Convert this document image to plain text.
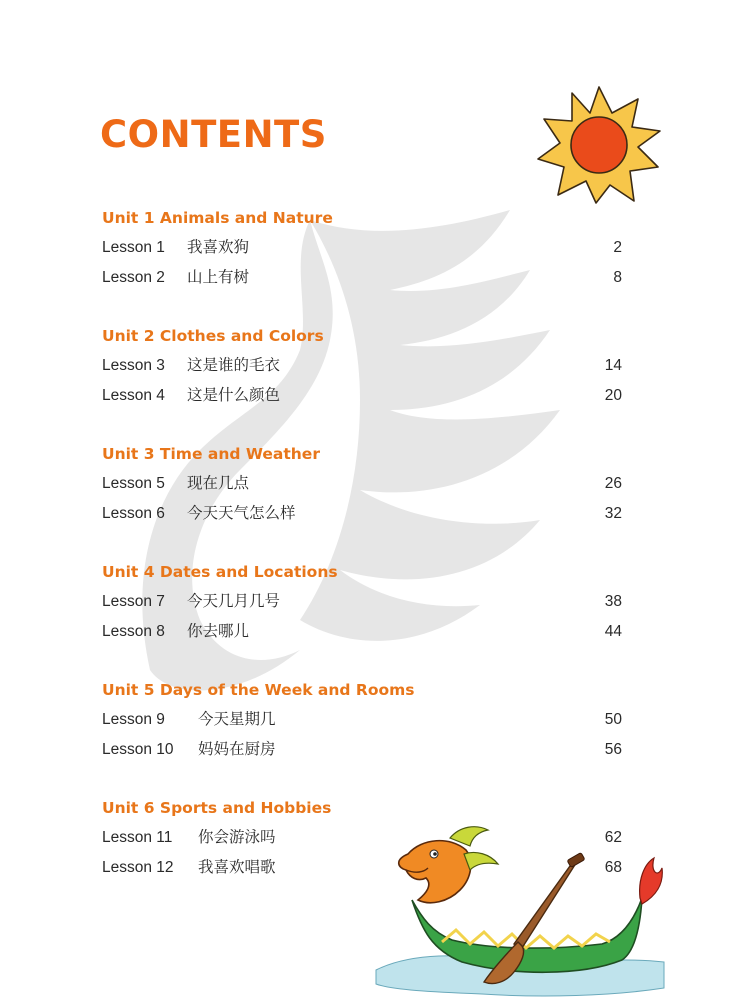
CONTENTS
Unit 1 Animals and Nature
Lesson 1 我喜欢狗	2
Lesson 2 山上有树	8
Unit 2 Clothes and Colors
Lesson 3 这是谁的毛衣	14
Lesson 4 这是什么颜色	20
Unit 3 Time and Weather
Lesson 5 现在几点	26
Lesson 6 今天天气怎么样	32
Unit 4 Dates and Locations
Lesson 7 今天几月几号	38
Lesson 8 你去哪儿	44
Unit 5 Days of the Week and Rooms
Lesson 9 今天星期几	50
Lesson 10 妈妈在厨房	56
Unit 6 Sports and Hobbies
Lesson 11 你会游泳吗	62
Lesson 12 我喜欢唱歌	68
